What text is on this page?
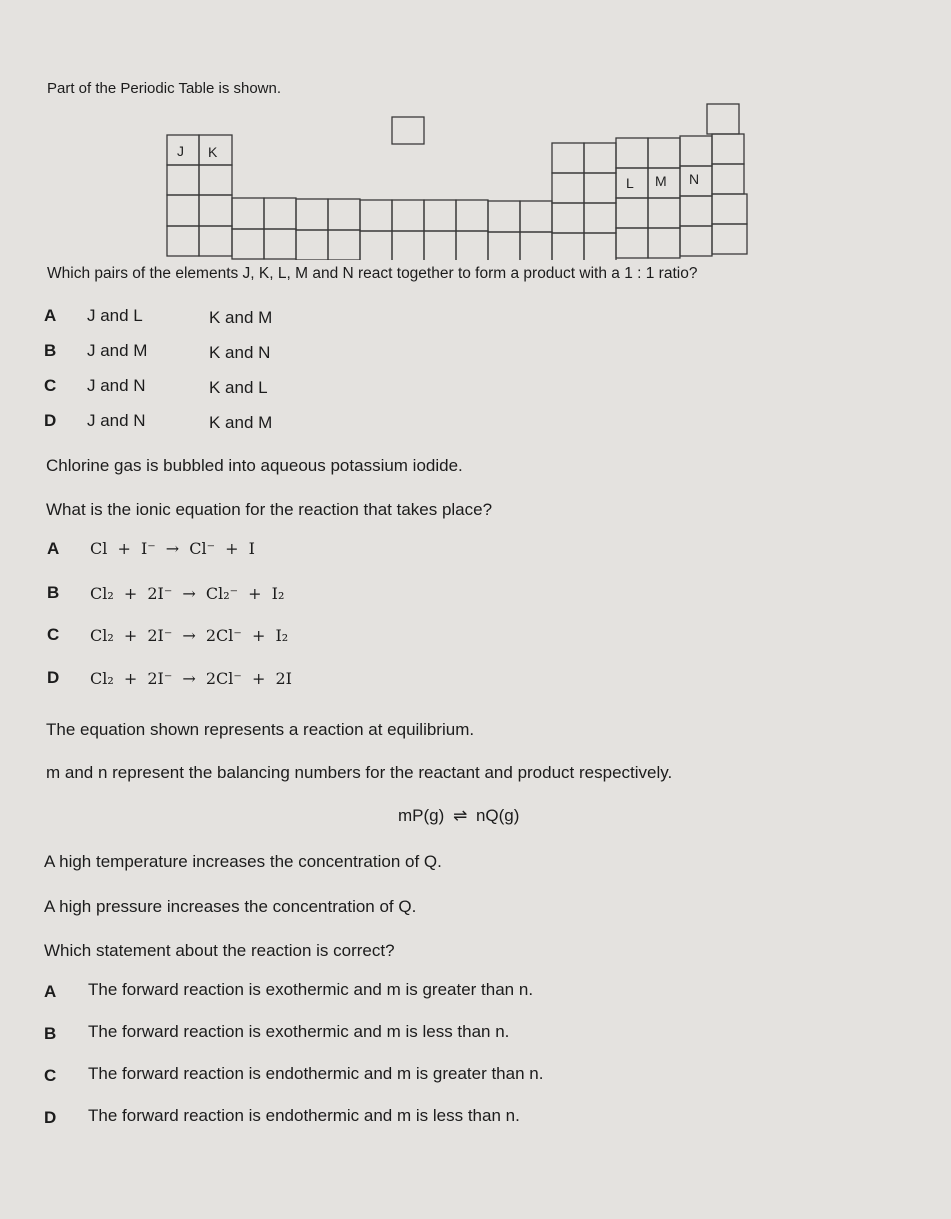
Part of the Periodic Table is shown.
J K
L M N
Which pairs of the elements J, K, L, M and N react together to form a product with a 1 : 1 ratio?
A J and L	K and M
B J and M	K and N
C J and N	K and L
D J and N	K and M
Chlorine gas is bubbled into aqueous potassium iodide.
What is the ionic equation for the reaction that takes place?
A Cl + I⁻ → Cl⁻ + I
B Cl₂ + 2I⁻ → Cl₂⁻ + I₂
C Cl₂ + 2I⁻ → 2Cl⁻ + I₂
D Cl₂ + 2I⁻ → 2Cl⁻ + 2I
The equation shown represents a reaction at equilibrium.
m and n represent the balancing numbers for the reactant and product respectively.
mP(g) ⇌ nQ(g)
A high temperature increases the concentration of Q.
A high pressure increases the concentration of Q.
Which statement about the reaction is correct?
A The forward reaction is exothermic and m is greater than n.
B The forward reaction is exothermic and m is less than n.
C The forward reaction is endothermic and m is greater than n.
D The forward reaction is endothermic and m is less than n.
